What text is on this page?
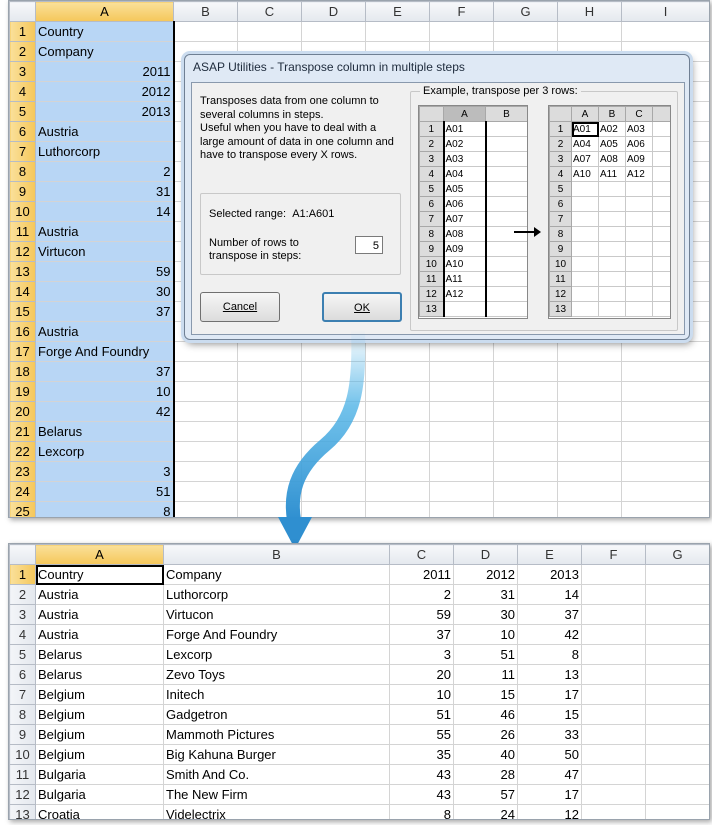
	A	B	C	D	E	F	G	H	I	
1	Country									
2	Company									
3	2011									
4	2012									
5	2013									
6	Austria									
7	Luthorcorp									
8	2									
9	31									
10	14									
11	Austria									
12	Virtucon									
13	59									
14	30									
15	37									
16	Austria									
17	Forge And Foundry									
18	37									
19	10									
20	42									
21	Belarus									
22	Lexcorp									
23	3									
24	51									
25	8									
ASAP Utilities - Transpose column in multiple steps
Transposes data from one column to several columns in steps.
Useful when you have to deal with a large amount of data in one column and have to transpose every X rows.
Selected range: A1:A601
Number of rows to transpose in steps:
5
Cancel	OK
Example, transpose per 3 rows:
	A	B
1	A01	
2	A02	
3	A03	
4	A04	
5	A05	
6	A06	
7	A07	
8	A08	
9	A09	
10	A10	
11	A11	
12	A12	
13		
	A	B	C	
1	A01	A02	A03	
2	A04	A05	A06	
3	A07	A08	A09	
4	A10	A11	A12	
5				
6				
7				
8				
9				
10				
11				
12				
13				
	A	B	C	D	E	F	G
1	Country	Company	2011	2012	2013		
2	Austria	Luthorcorp	2	31	14		
3	Austria	Virtucon	59	30	37		
4	Austria	Forge And Foundry	37	10	42		
5	Belarus	Lexcorp	3	51	8		
6	Belarus	Zevo Toys	20	11	13		
7	Belgium	Initech	10	15	17		
8	Belgium	Gadgetron	51	46	15		
9	Belgium	Mammoth Pictures	55	26	33		
10	Belgium	Big Kahuna Burger	35	40	50		
11	Bulgaria	Smith And Co.	43	28	47		
12	Bulgaria	The New Firm	43	57	17		
13	Croatia	Videlectrix	8	24	12		
